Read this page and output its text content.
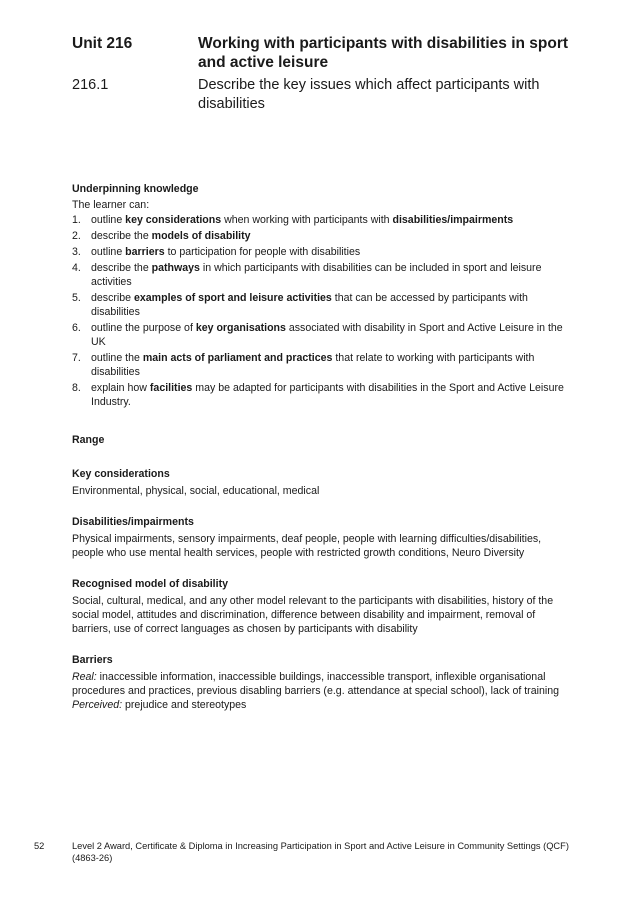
Unit 216	Working with participants with disabilities in sport and active leisure
216.1	Describe the key issues which affect participants with disabilities
Underpinning knowledge
The learner can:
1. outline key considerations when working with participants with disabilities/impairments
2. describe the models of disability
3. outline barriers to participation for people with disabilities
4. describe the pathways in which participants with disabilities can be included in sport and leisure activities
5. describe examples of sport and leisure activities that can be accessed by participants with disabilities
6. outline the purpose of key organisations associated with disability in Sport and Active Leisure in the UK
7. outline the main acts of parliament and practices that relate to working with participants with disabilities
8. explain how facilities may be adapted for participants with disabilities in the Sport and Active Leisure Industry.
Range
Key considerations
Environmental, physical, social, educational, medical
Disabilities/impairments
Physical impairments, sensory impairments, deaf people, people with learning difficulties/disabilities, people who use mental health services, people with restricted growth conditions, Neuro Diversity
Recognised model of disability
Social, cultural, medical, and any other model relevant to the participants with disabilities, history of the social model, attitudes and discrimination, difference between disability and impairment, removal of barriers, use of correct languages as chosen by participants with disability
Barriers
Real: inaccessible information, inaccessible buildings, inaccessible transport, inflexible organisational procedures and practices, previous disabling barriers (e.g. attendance at special school), lack of training
Perceived: prejudice and stereotypes
52	Level 2 Award, Certificate & Diploma in Increasing Participation in Sport and Active Leisure in Community Settings (QCF) (4863-26)
